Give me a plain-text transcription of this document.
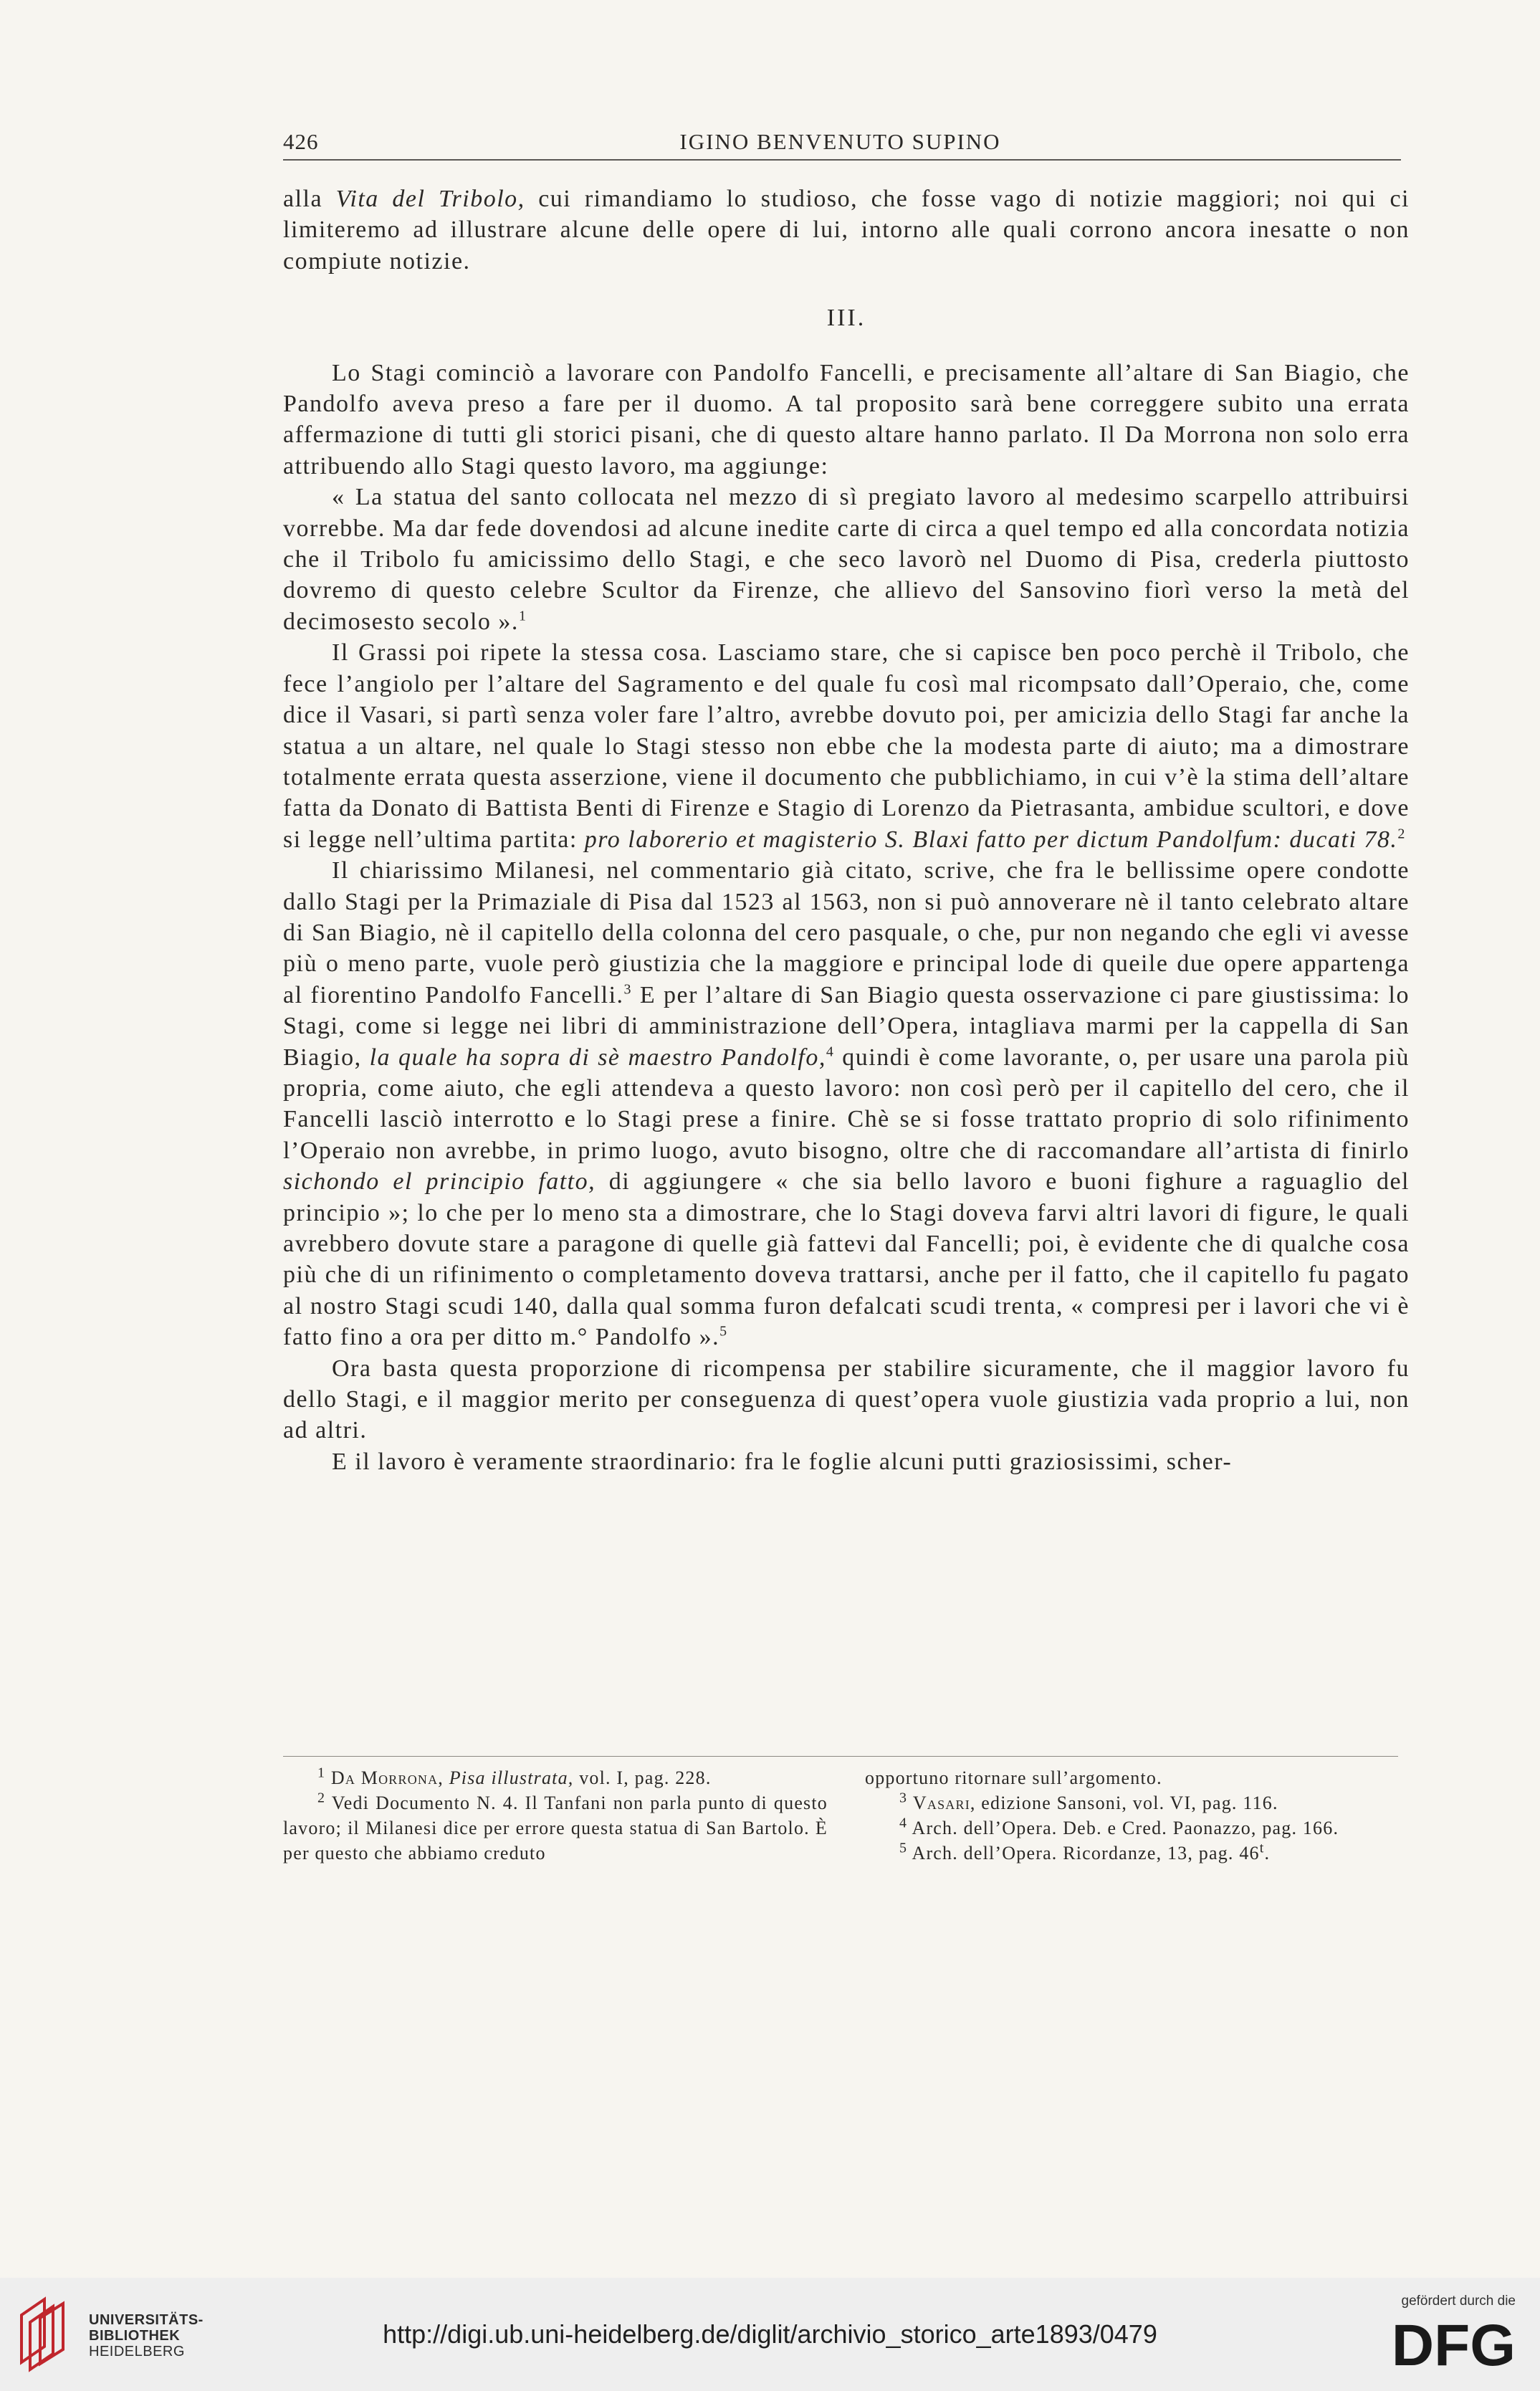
426	IGINO BENVENUTO SUPINO

alla Vita del Tribolo, cui rimandiamo lo studioso, che fosse vago di notizie maggiori; noi qui ci limiteremo ad illustrare alcune delle opere di lui, intorno alle quali corrono ancora inesatte o non compiute notizie.

III.

Lo Stagi cominciò a lavorare con Pandolfo Fancelli, e precisamente all’altare di San Biagio, che Pandolfo aveva preso a fare per il duomo. A tal proposito sarà bene correggere subito una errata affermazione di tutti gli storici pisani, che di questo altare hanno parlato. Il Da Morrona non solo erra attribuendo allo Stagi questo lavoro, ma aggiunge:

« La statua del santo collocata nel mezzo di sì pregiato lavoro al medesimo scarpello attribuirsi vorrebbe. Ma dar fede dovendosi ad alcune inedite carte di circa a quel tempo ed alla concordata notizia che il Tribolo fu amicissimo dello Stagi, e che seco lavorò nel Duomo di Pisa, crederla piuttosto dovremo di questo celebre Scultor da Firenze, che allievo del Sansovino fiorì verso la metà del decimosesto secolo ».$^1$

Il Grassi poi ripete la stessa cosa. Lasciamo stare, che si capisce ben poco perchè il Tribolo, che fece l’angiolo per l’altare del Sagramento e del quale fu così mal ricompsato dall’Operaio, che, come dice il Vasari, si partì senza voler fare l’altro, avrebbe dovuto poi, per amicizia dello Stagi far anche la statua a un altare, nel quale lo Stagi stesso non ebbe che la modesta parte di aiuto; ma a dimostrare totalmente errata questa asserzione, viene il documento che pubblichiamo, in cui v’è la stima dell’altare fatta da Donato di Battista Benti di Firenze e Stagio di Lorenzo da Pietrasanta, ambidue scultori, e dove si legge nell’ultima partita: pro laborerio et magisterio S. Blaxi fatto per dictum Pandolfum: ducati 78.$^2$

Il chiarissimo Milanesi, nel commentario già citato, scrive, che fra le bellissime opere condotte dallo Stagi per la Primaziale di Pisa dal 1523 al 1563, non si può annoverare nè il tanto celebrato altare di San Biagio, nè il capitello della colonna del cero pasquale, o che, pur non negando che egli vi avesse più o meno parte, vuole però giustizia che la maggiore e principal lode di queile due opere appartenga al fiorentino Pandolfo Fancelli.$^3$ E per l’altare di San Biagio questa osservazione ci pare giustissima: lo Stagi, come si legge nei libri di amministrazione dell’Opera, intagliava marmi per la cappella di San Biagio, la quale ha sopra di sè maestro Pandolfo,$^4$ quindi è come lavorante, o, per usare una parola più propria, come aiuto, che egli attendeva a questo lavoro: non così però per il capitello del cero, che il Fancelli lasciò interrotto e lo Stagi prese a finire. Chè se si fosse trattato proprio di solo rifinimento l’Operaio non avrebbe, in primo luogo, avuto bisogno, oltre che di raccomandare all’artista di finirlo sichondo el principio fatto, di aggiungere « che sia bello lavoro e buoni fighure a raguaglio del principio »; lo che per lo meno sta a dimostrare, che lo Stagi doveva farvi altri lavori di figure, le quali avrebbero dovute stare a paragone di quelle già fattevi dal Fancelli; poi, è evidente che di qualche cosa più che di un rifinimento o completamento doveva trattarsi, anche per il fatto, che il capitello fu pagato al nostro Stagi scudi 140, dalla qual somma furon defalcati scudi trenta, « compresi per i lavori che vi è fatto fino a ora per ditto m.° Pandolfo ».$^5$

Ora basta questa proporzione di ricompensa per stabilire sicuramente, che il maggior lavoro fu dello Stagi, e il maggior merito per conseguenza di quest’opera vuole giustizia vada proprio a lui, non ad altri.

E il lavoro è veramente straordinario: fra le foglie alcuni putti graziosissimi, scher-

$^1$ Da Morrona, Pisa illustrata, vol. I, pag. 228.

$^2$ Vedi Documento N. 4. Il Tanfani non parla punto di questo lavoro; il Milanesi dice per errore questa statua di San Bartolo. È per questo che abbiamo creduto

opportuno ritornare sull’argomento.

$^3$ Vasari, edizione Sansoni, vol. VI, pag. 116.

$^4$ Arch. dell’Opera. Deb. e Cred. Paonazzo, pag. 166.

$^5$ Arch. dell’Opera. Ricordanze, 13, pag. 46$^t$.

UNIVERSITÄTS-
BIBLIOTHEK
HEIDELBERG
http://digi.ub.uni-heidelberg.de/diglit/archivio_storico_arte1893/0479
gefördert durch die
DFG
